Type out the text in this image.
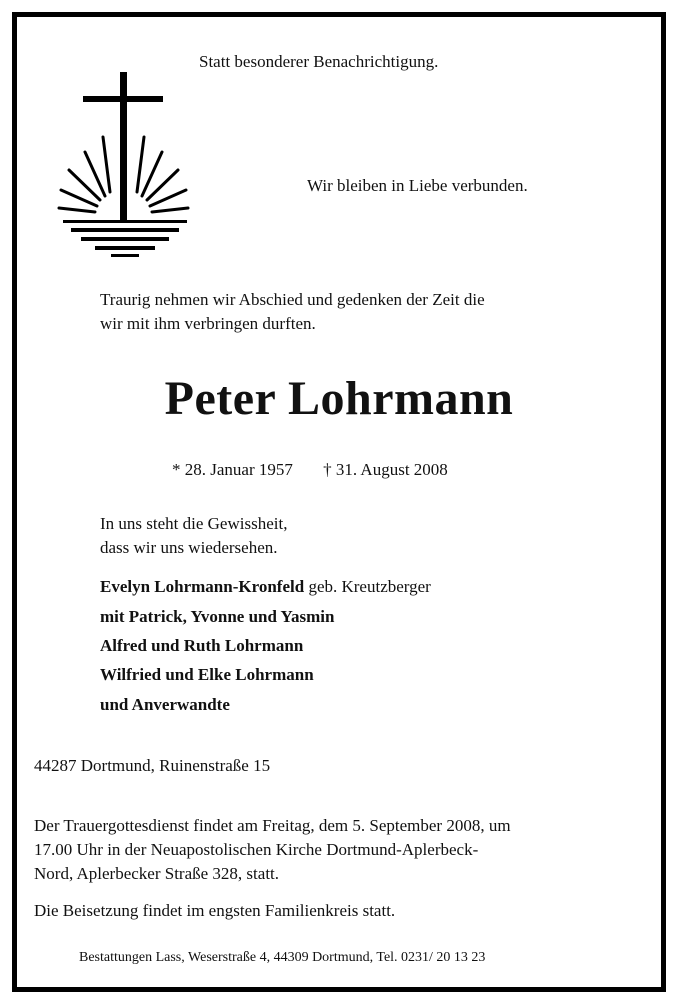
Statt besonderer Benachrichtigung.
Wir bleiben in Liebe verbunden.
Traurig nehmen wir Abschied und gedenken der Zeit die
wir mit ihm verbringen durften.
Peter Lohrmann
* 28. Januar 1957 † 31. August 2008
In uns steht die Gewissheit,
dass wir uns wiedersehen.
Evelyn Lohrmann-Kronfeld geb. Kreutzberger
mit Patrick, Yvonne und Yasmin
Alfred und Ruth Lohrmann
Wilfried und Elke Lohrmann
und Anverwandte
44287 Dortmund, Ruinenstraße 15
Der Trauergottesdienst findet am Freitag, dem 5. September 2008, um
17.00 Uhr in der Neuapostolischen Kirche Dortmund-Aplerbeck-
Nord, Aplerbecker Straße 328, statt.
Die Beisetzung findet im engsten Familienkreis statt.
Bestattungen Lass, Weserstraße 4, 44309 Dortmund, Tel. 0231/ 20 13 23
